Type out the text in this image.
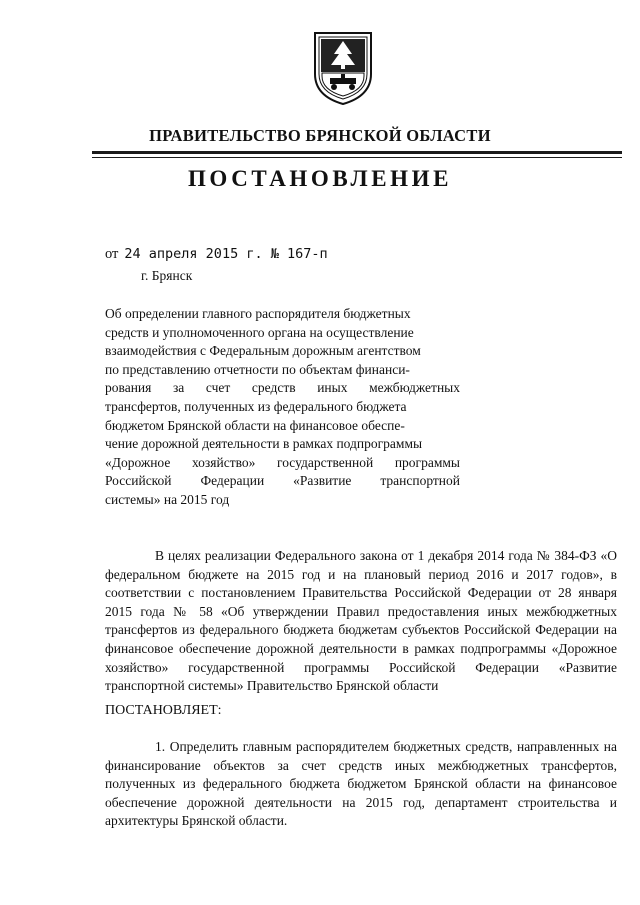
ПРАВИТЕЛЬСТВО БРЯНСКОЙ ОБЛАСТИ
ПОСТАНОВЛЕНИЕ
от 24 апреля 2015 г. № 167-п
г. Брянск
Об определении главного распорядителя бюджетных
средств и уполномоченного органа на осуществление
взаимодействия с Федеральным дорожным агентством
по представлению отчетности по объектам финанси-
рования за счет средств иных межбюджетных
трансфертов, полученных из федерального бюджета
бюджетом Брянской области на финансовое обеспе-
чение дорожной деятельности в рамках подпрограммы
«Дорожное хозяйство» государственной программы
Российской Федерации «Развитие транспортной
системы» на 2015 год
В целях реализации Федерального закона от 1 декабря 2014 года № 384-ФЗ «О федеральном бюджете на 2015 год и на плановый период 2016 и 2017 годов», в соответствии с постановлением Правительства Российской Федерации от 28 января 2015 года № 58 «Об утверждении Правил предоставления иных межбюджетных трансфертов из федерального бюджета бюджетам субъектов Российской Федерации на финансовое обеспечение дорожной деятельности в рамках подпрограммы «Дорожное хозяйство» государственной программы Российской Федерации «Развитие транспортной системы» Правительство Брянской области
ПОСТАНОВЛЯЕТ:
1. Определить главным распорядителем бюджетных средств, направленных на финансирование объектов за счет средств иных межбюджетных трансфертов, полученных из федерального бюджета бюджетом Брянской области на финансовое обеспечение дорожной деятельности на 2015 год, департамент строительства и архитектуры Брянской области.
